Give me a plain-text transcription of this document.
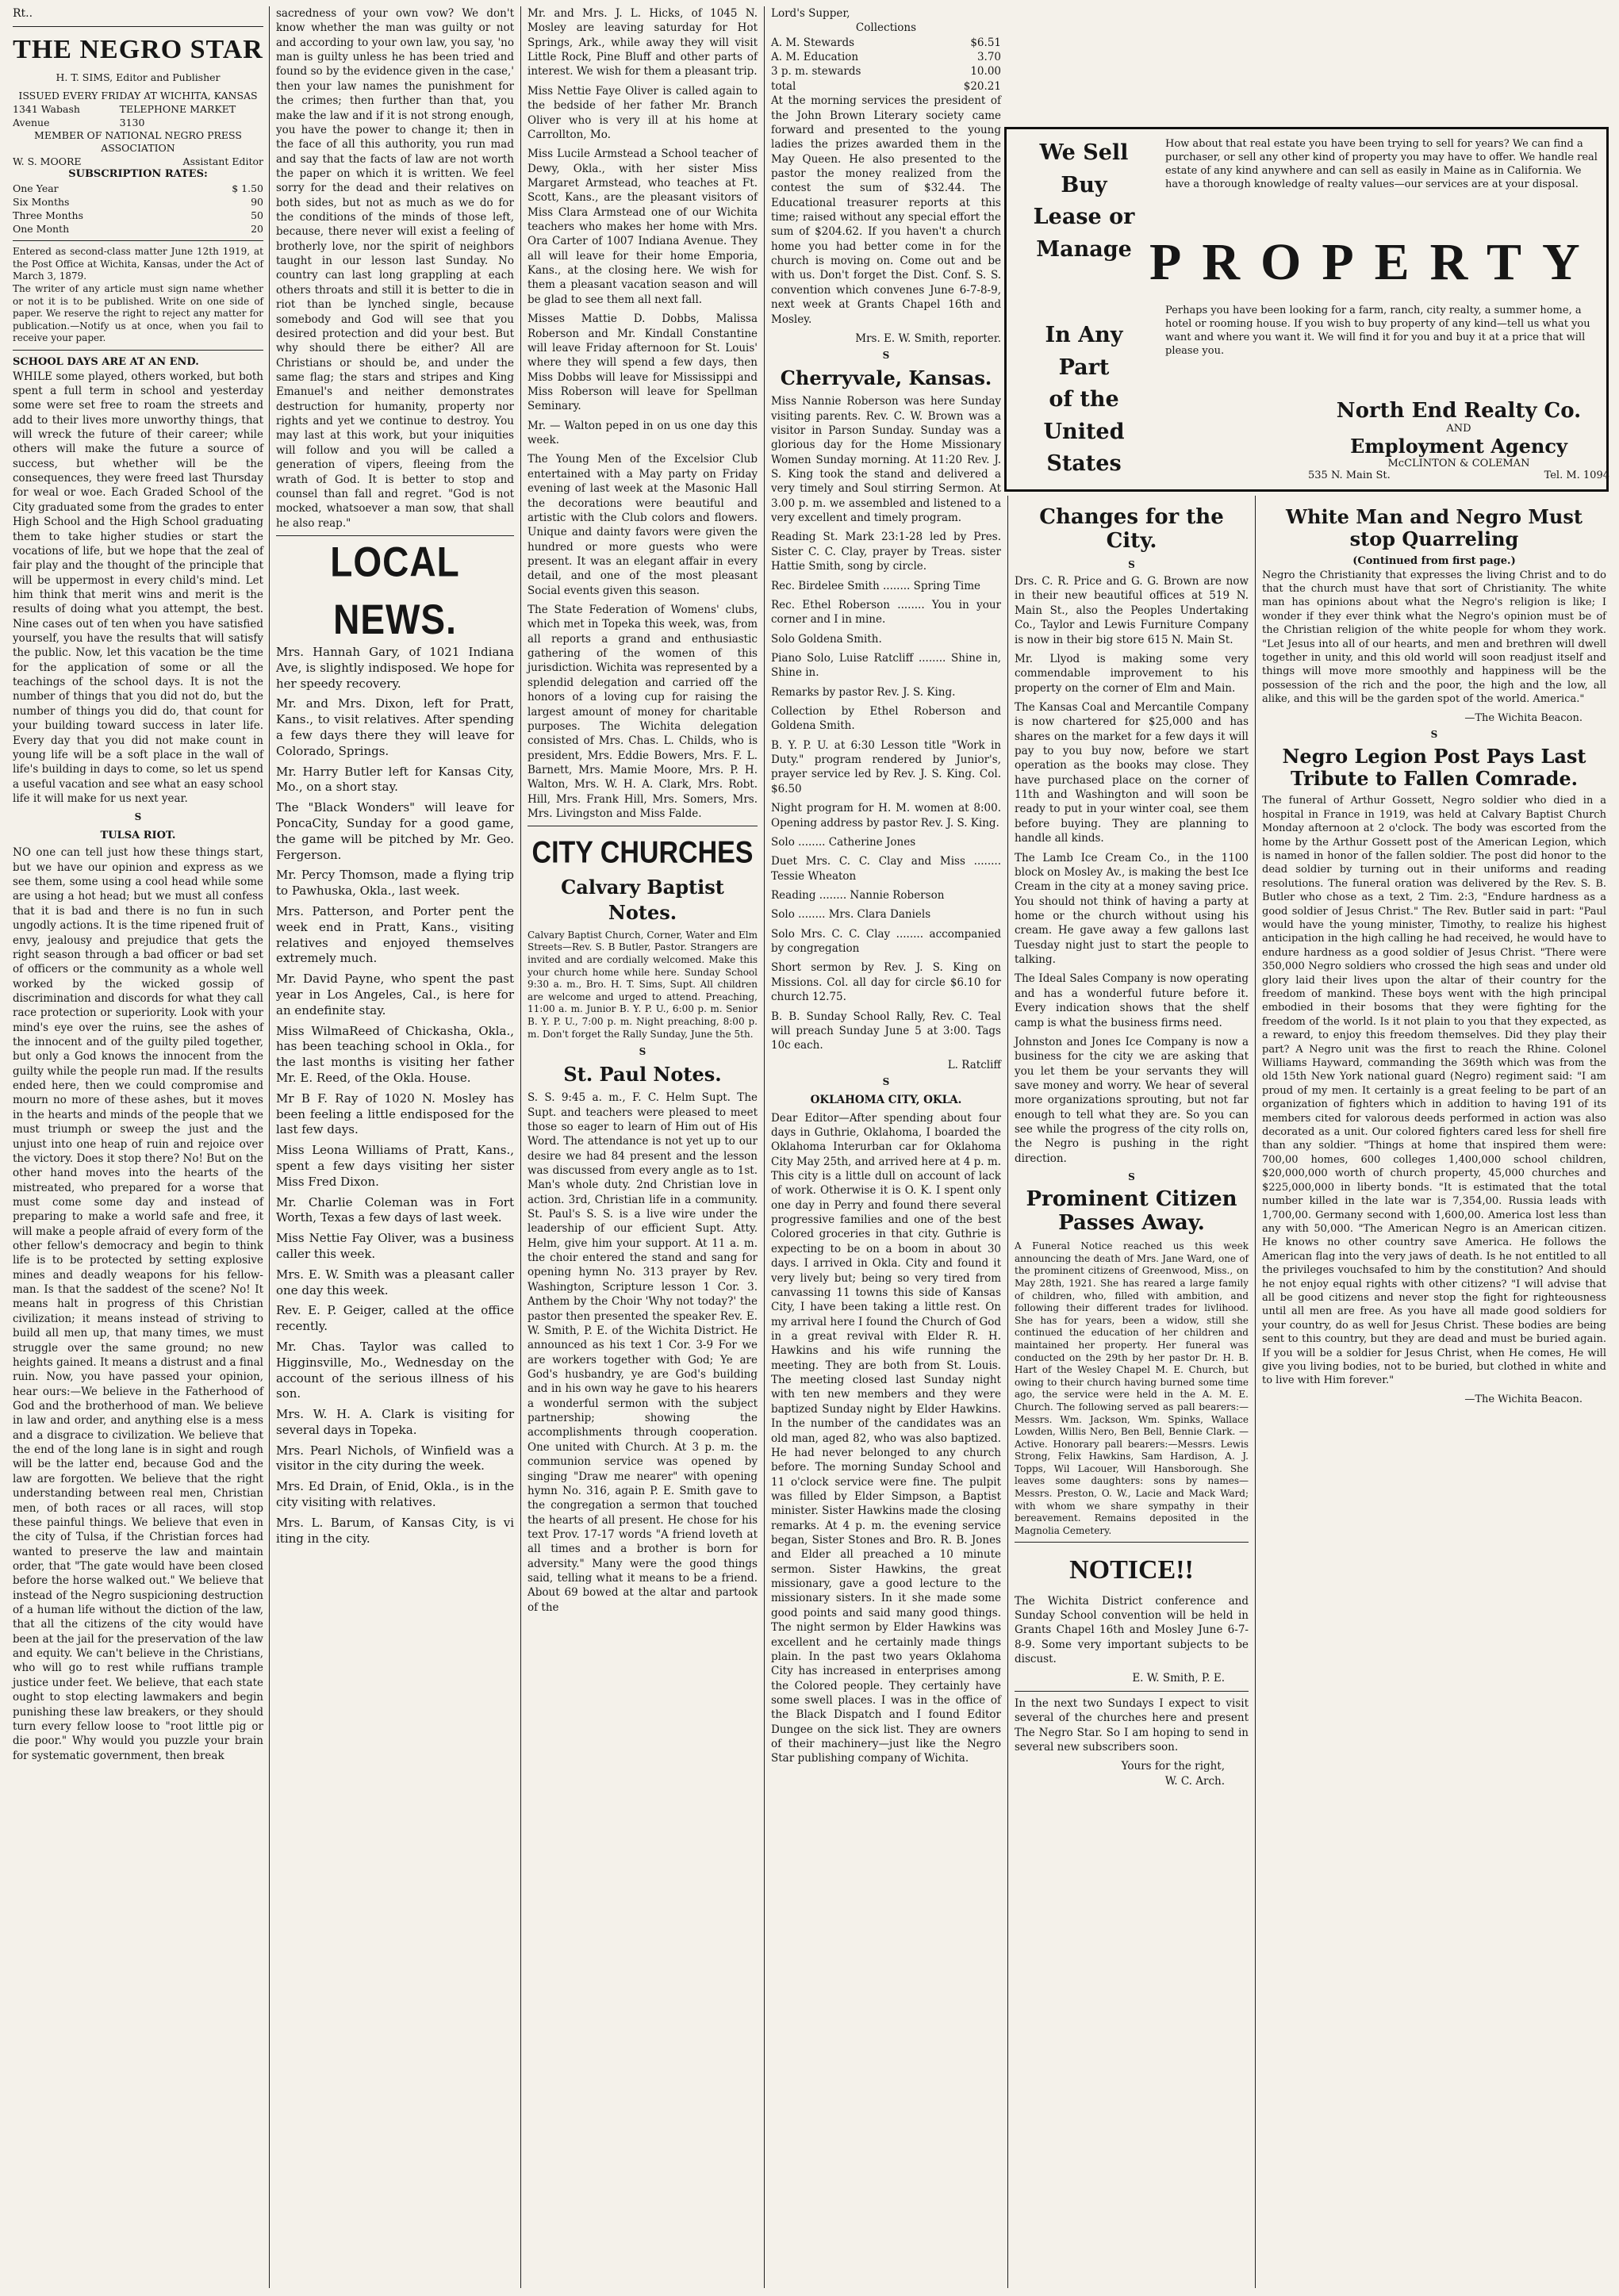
Rt..
THE NEGRO STAR
H. T. SIMS, Editor and Publisher
ISSUED EVERY FRIDAY AT WICHITA, KANSAS
1341 Wabash Avenue
TELEPHONE MARKET 3130
MEMBER OF NATIONAL NEGRO PRESS ASSOCIATION
W. S. MOORE	Assistant Editor
SUBSCRIPTION RATES:
One Year	$ 1.50
Six Months	90
Three Months	50
One Month	20
Entered as second-class matter June 12th 1919, at the Post Office at Wichita, Kansas, under the Act of March 3, 1879.
The writer of any article must sign name whether or not it is to be published. Write on one side of paper. We reserve the right to reject any matter for publication.—Notify us at once, when you fail to receive your paper.
SCHOOL DAYS ARE AT AN END.

WHILE some played, others worked, but both spent a full term in school and yesterday some were set free to roam the streets and add to their lives more unworthy things, that will wreck the future of their career; while others will make the future a source of success, but whether will be the consequences, they were freed last Thursday for weal or woe. Each Graded School of the City graduated some from the grades to enter High School and the High School graduating them to take higher studies or start the vocations of life, but we hope that the zeal of fair play and the thought of the principle that will be uppermost in every child's mind. Let him think that merit wins and merit is the results of doing what you attempt, the best. Nine cases out of ten when you have satisfied yourself, you have the results that will satisfy the public. Now, let this vacation be the time for the application of some or all the teachings of the school days. It is not the number of things that you did not do, but the number of things you did do, that count for your building toward success in later life. Every day that you did not make count in young life will be a soft place in the wall of life's building in days to come, so let us spend a useful vacation and see what an easy school life it will make for us next year.

S
TULSA RIOT.

NO one can tell just how these things start, but we have our opinion and express as we see them, some using a cool head while some are using a hot head; but we must all confess that it is bad and there is no fun in such ungodly actions. It is the time ripened fruit of envy, jealousy and prejudice that gets the right season through a bad officer or bad set of officers or the community as a whole well worked by the wicked gossip of discrimination and discords for what they call race protection or superiority. Look with your mind's eye over the ruins, see the ashes of the innocent and of the guilty piled together, but only a God knows the innocent from the guilty while the people run mad. If the results ended here, then we could compromise and mourn no more of these ashes, but it moves in the hearts and minds of the people that we must triumph or sweep the just and the unjust into one heap of ruin and rejoice over the victory. Does it stop there? No! But on the other hand moves into the hearts of the mistreated, who prepared for a worse that must come some day and instead of preparing to make a world safe and free, it will make a people afraid of every form of the other fellow's democracy and begin to think life is to be protected by setting explosive mines and deadly weapons for his fellow-man. Is that the saddest of the scene? No! It means halt in progress of this Christian civilization; it means instead of striving to build all men up, that many times, we must struggle over the same ground; no new heights gained. It means a distrust and a final ruin. Now, you have passed your opinion, hear ours:—We believe in the Fatherhood of God and the brotherhood of man. We believe in law and order, and anything else is a mess and a disgrace to civilization. We believe that the end of the long lane is in sight and rough will be the latter end, because God and the law are forgotten. We believe that the right understanding between real men, Christian men, of both races or all races, will stop these painful things. We believe that even in the city of Tulsa, if the Christian forces had wanted to preserve the law and maintain order, that "The gate would have been closed before the horse walked out." We believe that instead of the Negro suspicioning destruction of a human life without the diction of the law, that all the citizens of the city would have been at the jail for the preservation of the law and equity. We can't believe in the Christians, who will go to rest while ruffians trample justice under feet. We believe, that each state ought to stop electing lawmakers and begin punishing these law breakers, or they should turn every fellow loose to "root little pig or die poor." Why would you puzzle your brain for systematic government, then break

sacredness of your own vow? We don't know whether the man was guilty or not and according to your own law, you say, 'no man is guilty unless he has been tried and found so by the evidence given in the case,' then your law names the punishment for the crimes; then further than that, you make the law and if it is not strong enough, you have the power to change it; then in the face of all this authority, you run mad and say that the facts of law are not worth the paper on which it is written. We feel sorry for the dead and their relatives on both sides, but not as much as we do for the conditions of the minds of those left, because, there never will exist a feeling of brotherly love, nor the spirit of neighbors taught in our lesson last Sunday. No country can last long grappling at each others throats and still it is better to die in riot than be lynched single, because somebody and God will see that you desired protection and did your best. But why should there be either? All are Christians or should be, and under the same flag; the stars and stripes and King Emanuel's and neither demonstrates destruction for humanity, property nor rights and yet we continue to destroy. You may last at this work, but your iniquities will follow and you will be called a generation of vipers, fleeing from the wrath of God. It is better to stop and counsel than fall and regret. "God is not mocked, whatsoever a man sow, that shall he also reap."

LOCAL NEWS.

Mrs. Hannah Gary, of 1021 Indiana Ave, is slightly indisposed. We hope for her speedy recovery.

Mr. and Mrs. Dixon, left for Pratt, Kans., to visit relatives. After spending a few days there they will leave for Colorado, Springs.

Mr. Harry Butler left for Kansas City, Mo., on a short stay.

The "Black Wonders" will leave for PoncaCity, Sunday for a good game, the game will be pitched by Mr. Geo. Fergerson.

Mr. Percy Thomson, made a flying trip to Pawhuska, Okla., last week.

Mrs. Patterson, and Porter pent the week end in Pratt, Kans., visiting relatives and enjoyed themselves extremely much.

Mr. David Payne, who spent the past year in Los Angeles, Cal., is here for an endefinite stay.

Miss WilmaReed of Chickasha, Okla., has been teaching school in Okla., for the last months is visiting her father Mr. E. Reed, of the Okla. House.

Mr B F. Ray of 1020 N. Mosley has been feeling a little endisposed for the last few days.

Miss Leona Williams of Pratt, Kans., spent a few days visiting her sister Miss Fred Dixon.

Mr. Charlie Coleman was in Fort Worth, Texas a few days of last week.

Miss Nettie Fay Oliver, was a business caller this week.

Mrs. E. W. Smith was a pleasant caller one day this week.

Rev. E. P. Geiger, called at the office recently.

Mr. Chas. Taylor was called to Higginsville, Mo., Wednesday on the account of the serious illness of his son.

Mrs. W. H. A. Clark is visiting for several days in Topeka.

Mrs. Pearl Nichols, of Winfield was a visitor in the city during the week.

Mrs. Ed Drain, of Enid, Okla., is in the city visiting with relatives.

Mrs. L. Barum, of Kansas City, is vi iting in the city.

Mr. and Mrs. J. L. Hicks, of 1045 N. Mosley are leaving saturday for Hot Springs, Ark., while away they will visit Little Rock, Pine Bluff and other parts of interest. We wish for them a pleasant trip.

Miss Nettie Faye Oliver is called again to the bedside of her father Mr. Branch Oliver who is very ill at his home at Carrollton, Mo.

Miss Lucile Armstead a School teacher of Dewy, Okla., with her sister Miss Margaret Armstead, who teaches at Ft. Scott, Kans., are the pleasant visitors of Miss Clara Armstead one of our Wichita teachers who makes her home with Mrs. Ora Carter of 1007 Indiana Avenue. They all will leave for their home Emporia, Kans., at the closing here. We wish for them a pleasant vacation season and will be glad to see them all next fall.

Misses Mattie D. Dobbs, Malissa Roberson and Mr. Kindall Constantine will leave Friday afternoon for St. Louis' where they will spend a few days, then Miss Dobbs will leave for Mississippi and Miss Roberson will leave for Spellman Seminary.

Mr. — Walton peped in on us one day this week.

The Young Men of the Excelsior Club entertained with a May party on Friday evening of last week at the Masonic Hall the decorations were beautiful and artistic with the Club colors and flowers. Unique and dainty favors were given the hundred or more guests who were present. It was an elegant affair in every detail, and one of the most pleasant Social events given this season.

The State Federation of Womens' clubs, which met in Topeka this week, was, from all reports a grand and enthusiastic gathering of the women of this jurisdiction. Wichita was represented by a splendid delegation and carried off the honors of a loving cup for raising the largest amount of money for charitable purposes. The Wichita delegation consisted of Mrs. Chas. L. Childs, who is president, Mrs. Eddie Bowers, Mrs. F. L. Barnett, Mrs. Mamie Moore, Mrs. P. H. Walton, Mrs. W. H. A. Clark, Mrs. Robt. Hill, Mrs. Frank Hill, Mrs. Somers, Mrs. Mrs. Livingston and Miss Falde.

CITY CHURCHES
Calvary Baptist Notes.

Calvary Baptist Church, Corner, Water and Elm Streets—Rev. S. B Butler, Pastor. Strangers are invited and are cordially welcomed. Make this your church home while here. Sunday School 9:30 a. m., Bro. H. T. Sims, Supt. All children are welcome and urged to attend. Preaching, 11:00 a. m. Junior B. Y. P. U., 6:00 p. m. Senior B. Y. P. U., 7:00 p. m. Night preaching, 8:00 p. m. Don't forget the Rally Sunday, June the 5th.

S
St. Paul Notes.

S. S. 9:45 a. m., F. C. Helm Supt. The Supt. and teachers were pleased to meet those so eager to learn of Him out of His Word. The attendance is not yet up to our desire we had 84 present and the lesson was discussed from every angle as to 1st. Man's whole duty. 2nd Christian love in action. 3rd, Christian life in a community. St. Paul's S. S. is a live wire under the leadership of our efficient Supt. Atty. Helm, give him your support. At 11 a. m. the choir entered the stand and sang for opening hymn No. 313 prayer by Rev. Washington, Scripture lesson 1 Cor. 3. Anthem by the Choir 'Why not today?' the pastor then presented the speaker Rev. E. W. Smith, P. E. of the Wichita District. He announced as his text 1 Cor. 3-9 For we are workers together with God; Ye are God's husbandry, ye are God's building and in his own way he gave to his hearers a wonderful sermon with the subject partnership; showing the accomplishments through cooperation. One united with Church. At 3 p. m. the communion service was opened by singing "Draw me nearer" with opening hymn No. 316, again P. E. Smith gave to the congregation a sermon that touched the hearts of all present. He chose for his text Prov. 17-17 words "A friend loveth at all times and a brother is born for adversity." Many were the good things said, telling what it means to be a friend. About 69 bowed at the altar and partook of the

Lord's Supper,
Collections
A. M. Stewards	$6.51
A. M. Education	3.70
3 p. m. stewards	10.00
total	$20.21

At the morning services the president of the John Brown Literary society came forward and presented to the young ladies the prizes awarded them in the May Queen. He also presented to the pastor the money realized from the contest the sum of $32.44. The Educational treasurer reports at this time; raised without any special effort the sum of $204.62. If you haven't a church home you had better come in for the church is moving on. Come out and be with us. Don't forget the Dist. Conf. S. S. convention which convenes June 6-7-8-9, next week at Grants Chapel 16th and Mosley.

Mrs. E. W. Smith, reporter.
S
Cherryvale, Kansas.

Miss Nannie Roberson was here Sunday visiting parents. Rev. C. W. Brown was a visitor in Parson Sunday. Sunday was a glorious day for the Home Missionary Women Sunday morning. At 11:20 Rev. J. S. King took the stand and delivered a very timely and Soul stirring Sermon. At 3.00 p. m. we assembled and listened to a very excellent and timely program.

Reading St. Mark 23:1-28 led by Pres. Sister C. C. Clay, prayer by Treas. sister Hattie Smith, song by circle.

Rec. Birdelee Smith ........ Spring Time

Rec. Ethel Roberson ........ You in your corner and I in mine.

Solo Goldena Smith.

Piano Solo, Luise Ratcliff ........ Shine in, Shine in.

Remarks by pastor Rev. J. S. King.

Collection by Ethel Roberson and Goldena Smith.

B. Y. P. U. at 6:30 Lesson title "Work in Duty." program rendered by Junior's, prayer service led by Rev. J. S. King. Col. $6.50

Night program for H. M. women at 8:00. Opening address by pastor Rev. J. S. King.

Solo ........ Catherine Jones

Duet Mrs. C. C. Clay and Miss ........ Tessie Wheaton

Reading ........ Nannie Roberson

Solo ........ Mrs. Clara Daniels

Solo Mrs. C. C. Clay ........ accompanied by congregation

Short sermon by Rev. J. S. King on Missions. Col. all day for circle $6.10 for church 12.75.

B. B. Sunday School Rally, Rev. C. Teal will preach Sunday June 5 at 3:00. Tags 10c each.

L. Ratcliff
S
OKLAHOMA CITY, OKLA.

Dear Editor—After spending about four days in Guthrie, Oklahoma, I boarded the Oklahoma Interurban car for Oklahoma City May 25th, and arrived here at 4 p. m. This city is a little dull on account of lack of work. Otherwise it is O. K. I spent only one day in Perry and found there several progressive families and one of the best Colored groceries in that city. Guthrie is expecting to be on a boom in about 30 days. I arrived in Okla. City and found it very lively but; being so very tired from canvassing 11 towns this side of Kansas City, I have been taking a little rest. On my arrival here I found the Church of God in a great revival with Elder R. H. Hawkins and his wife running the meeting. They are both from St. Louis. The meeting closed last Sunday night with ten new members and they were baptized Sunday night by Elder Hawkins. In the number of the candidates was an old man, aged 82, who was also baptized. He had never belonged to any church before. The morning Sunday School and 11 o'clock service were fine. The pulpit was filled by Elder Simpson, a Baptist minister. Sister Hawkins made the closing remarks. At 4 p. m. the evening service began, Sister Stones and Bro. R. B. Jones and Elder all preached a 10 minute sermon. Sister Hawkins, the great missionary, gave a good lecture to the missionary sisters. In it she made some good points and said many good things. The night sermon by Elder Hawkins was excellent and he certainly made things plain. In the past two years Oklahoma City has increased in enterprises among the Colored people. They certainly have some swell places. I was in the office of the Black Dispatch and I found Editor Dungee on the sick list. They are owners of their machinery—just like the Negro Star publishing company of Wichita.

We Sell
Buy
Lease or
Manage
In Any
Part
of the
United
States
How about that real estate you have been trying to sell for years? We can find a purchaser, or sell any other kind of property you may have to offer. We handle real estate of any kind anywhere and can sell as easily in Maine as in California. We have a thorough knowledge of realty values—our services are at your disposal.
PROPERTY
Perhaps you have been looking for a farm, ranch, city realty, a summer home, a hotel or rooming house. If you wish to buy property of any kind—tell us what you want and where you want it. We will find it for you and buy it at a price that will please you.
North End Realty Co.
AND
Employment Agency
McCLINTON & COLEMAN
535 N. Main St.	Tel. M. 1094
Changes for the City.
S

Drs. C. R. Price and G. G. Brown are now in their new beautiful offices at 519 N. Main St., also the Peoples Undertaking Co., Taylor and Lewis Furniture Company is now in their big store 615 N. Main St.

Mr. Llyod is making some very commendable improvement to his property on the corner of Elm and Main.

The Kansas Coal and Mercantile Company is now chartered for $25,000 and has shares on the market for a few days it will pay to you buy now, before we start operation as the books may close. They have purchased place on the corner of 11th and Washington and will soon be ready to put in your winter coal, see them before buying. They are planning to handle all kinds.

The Lamb Ice Cream Co., in the 1100 block on Mosley Av., is making the best Ice Cream in the city at a money saving price. You should not think of having a party at home or the church without using his cream. He gave away a few gallons last Tuesday night just to start the people to talking.

The Ideal Sales Company is now operating and has a wonderful future before it. Every indication shows that the shelf camp is what the business firms need.

Johnston and Jones Ice Company is now a business for the city we are asking that you let them be your servants they will save money and worry. We hear of several more organizations sprouting, but not far enough to tell what they are. So you can see while the progress of the city rolls on, the Negro is pushing in the right direction.

S
Prominent Citizen Passes Away.

A Funeral Notice reached us this week announcing the death of Mrs. Jane Ward, one of the prominent citizens of Greenwood, Miss., on May 28th, 1921. She has reared a large family of children, who, filled with ambition, and following their different trades for livlihood. She has for years, been a widow, still she continued the education of her children and maintained her property. Her funeral was conducted on the 29th by her pastor Dr. H. B. Hart of the Wesley Chapel M. E. Church, but owing to their church having burned some time ago, the service were held in the A. M. E. Church. The following served as pall bearers:—Messrs. Wm. Jackson, Wm. Spinks, Wallace Lowden, Willis Nero, Ben Bell, Bennie Clark. —Active. Honorary pall bearers:—Messrs. Lewis Strong, Felix Hawkins, Sam Hardison, A. J. Topps, Wil Lacouer, Will Hansborough. She leaves some daughters: sons by names—Messrs. Preston, O. W., Lacie and Mack Ward; with whom we share sympathy in their bereavement. Remains deposited in the Magnolia Cemetery.

NOTICE!!

The Wichita District conference and Sunday School convention will be held in Grants Chapel 16th and Mosley June 6-7-8-9. Some very important subjects to be discust.

E. W. Smith, P. E.

In the next two Sundays I expect to visit several of the churches here and present The Negro Star. So I am hoping to send in several new subscribers soon.

Yours for the right,
W. C. Arch.
White Man and Negro Must stop Quarreling
(Continued from first page.)

Negro the Christianity that expresses the living Christ and to do that the church must have that sort of Christianity. The white man has opinions about what the Negro's religion is like; I wonder if they ever think what the Negro's opinion must be of the Christian religion of the white people for whom they work. "Let Jesus into all of our hearts, and men and brethren will dwell together in unity, and this old world will soon readjust itself and things will move more smoothly and happiness will be the possession of the rich and the poor, the high and the low, all alike, and this will be the garden spot of the world. America."

—The Wichita Beacon.
S
Negro Legion Post Pays Last Tribute to Fallen Comrade.

The funeral of Arthur Gossett, Negro soldier who died in a hospital in France in 1919, was held at Calvary Baptist Church Monday afternoon at 2 o'clock. The body was escorted from the home by the Arthur Gossett post of the American Legion, which is named in honor of the fallen soldier. The post did honor to the dead soldier by turning out in their uniforms and reading resolutions. The funeral oration was delivered by the Rev. S. B. Butler who chose as a text, 2 Tim. 2:3, "Endure hardness as a good soldier of Jesus Christ." The Rev. Butler said in part: "Paul would have the young minister, Timothy, to realize his highest anticipation in the high calling he had received, he would have to endure hardness as a good soldier of Jesus Christ. "There were 350,000 Negro soldiers who crossed the high seas and under old glory laid their lives upon the altar of their country for the freedom of mankind. These boys went with the high principal embodied in their bosoms that they were fighting for the freedom of the world. Is it not plain to you that they expected, as a reward, to enjoy this freedom themselves. Did they play their part? A Negro unit was the first to reach the Rhine. Colonel Williams Hayward, commanding the 369th which was from the old 15th New York national guard (Negro) regiment said: "I am proud of my men. It certainly is a great feeling to be part of an organization of fighters which in addition to having 191 of its members cited for valorous deeds performed in action was also decorated as a unit. Our colored fighters cared less for shell fire than any soldier. "Things at home that inspired them were: 700,00 homes, 600 colleges 1,400,000 school children, $20,000,000 worth of church property, 45,000 churches and $225,000,000 in liberty bonds. "It is estimated that the total number killed in the late war is 7,354,00. Russia leads with 1,700,00. Germany second with 1,600,00. America lost less than any with 50,000. "The American Negro is an American citizen. He knows no other country save America. He follows the American flag into the very jaws of death. Is he not entitled to all the privileges vouchsafed to him by the constitution? And should he not enjoy equal rights with other citizens? "I will advise that all be good citizens and never stop the fight for righteousness until all men are free. As you have all made good soldiers for your country, do as well for Jesus Christ. These bodies are being sent to this country, but they are dead and must be buried again. If you will be a soldier for Jesus Christ, when He comes, He will give you living bodies, not to be buried, but clothed in white and to live with Him forever."

—The Wichita Beacon.
